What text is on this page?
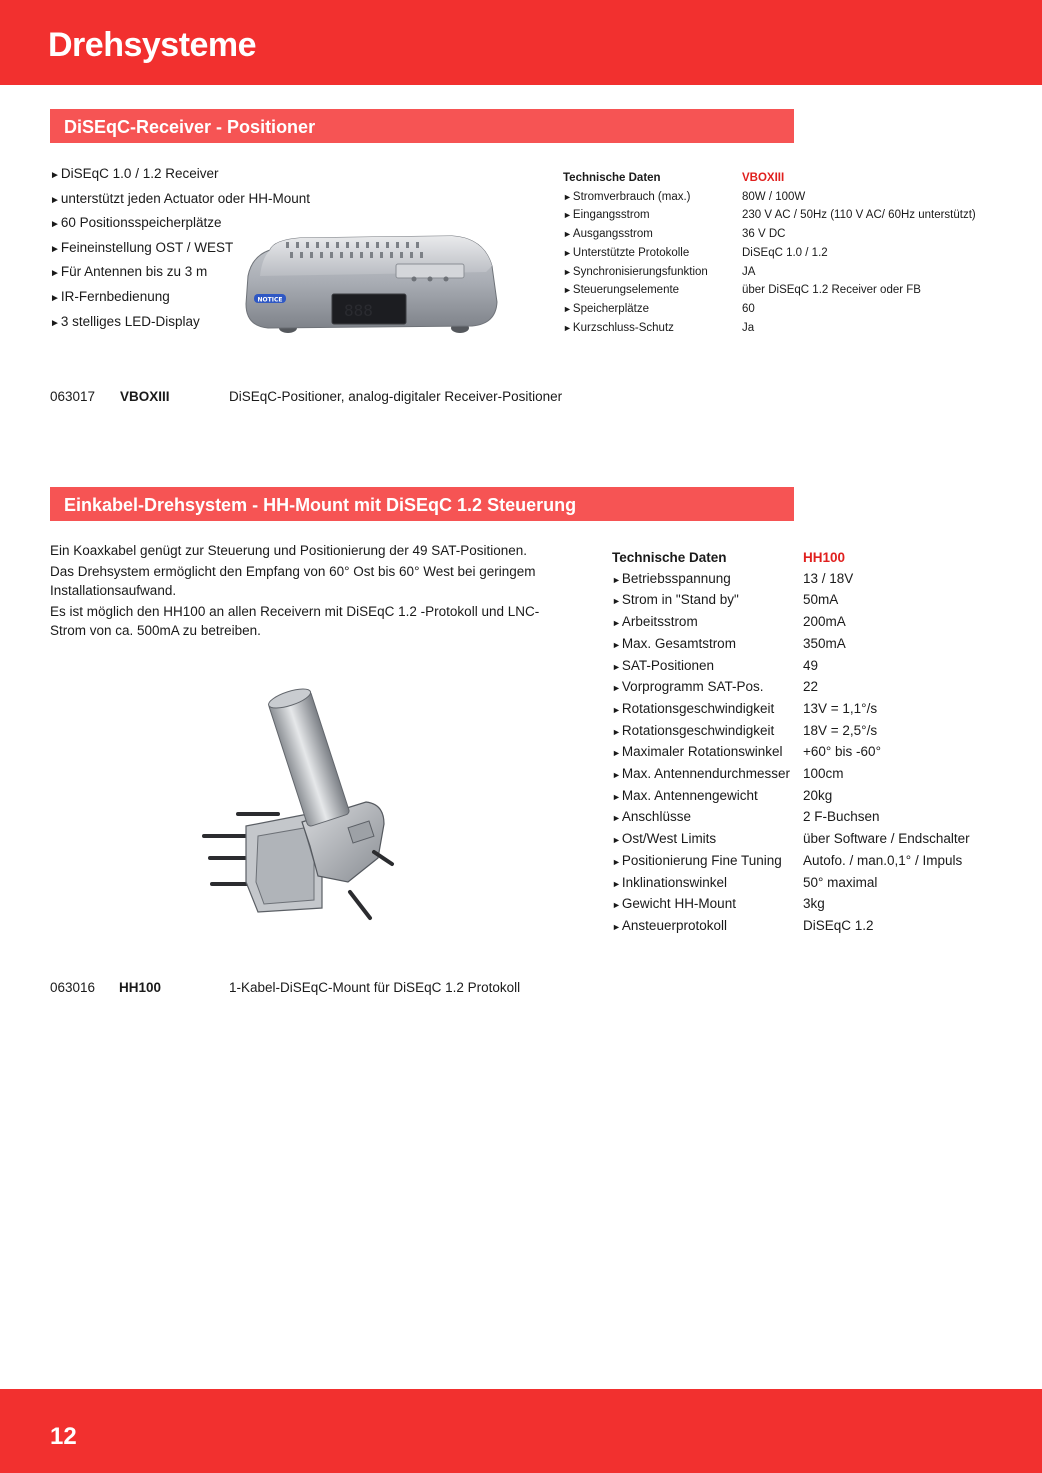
Drehsysteme
DiSEqC-Receiver - Positioner
► DiSEqC 1.0 / 1.2 Receiver
► unterstützt jeden Actuator oder HH-Mount
► 60 Positionsspeicherplätze
► Feineinstellung OST / WEST
► Für Antennen bis zu 3 m
► IR-Fernbedienung
► 3 stelliges LED-Display
888
NOTICE
Technische Daten	VBOXIII
►Stromverbrauch (max.)	80W / 100W
►Eingangsstrom	230 V AC / 50Hz (110 V AC/ 60Hz unterstützt)
►Ausgangsstrom	36 V DC
►Unterstützte Protokolle	DiSEqC 1.0 / 1.2
►Synchronisierungsfunktion	JA
►Steuerungselemente	über DiSEqC 1.2 Receiver oder FB
►Speicherplätze	60
►Kurzschluss-Schutz	Ja
063017 VBOXIII	DiSEqC-Positioner, analog-digitaler Receiver-Positioner
Einkabel-Drehsystem - HH-Mount mit DiSEqC 1.2 Steuerung

Ein Koaxkabel genügt zur Steuerung und Positionierung der 49 SAT-Positionen.

Das Drehsystem ermöglicht den Empfang von 60° Ost bis 60° West bei geringem Installationsaufwand.

Es ist möglich den HH100 an allen Receivern mit DiSEqC 1.2 -Protokoll und LNC-Strom von ca. 500mA zu betreiben.

Technische Daten	HH100
►Betriebsspannung	13 / 18V
►Strom in "Stand by"	50mA
►Arbeitsstrom	200mA
►Max. Gesamtstrom	350mA
►SAT-Positionen	49
►Vorprogramm SAT-Pos.	22
►Rotationsgeschwindigkeit	13V = 1,1°/s
►Rotationsgeschwindigkeit	18V = 2,5°/s
►Maximaler Rotationswinkel	+60° bis -60°
►Max. Antennendurchmesser	100cm
►Max. Antennengewicht	20kg
►Anschlüsse	2 F-Buchsen
►Ost/West Limits	über Software / Endschalter
►Positionierung Fine Tuning	Autofo. / man.0,1° / Impuls
►Inklinationswinkel	50° maximal
►Gewicht HH-Mount	3kg
►Ansteuerprotokoll	DiSEqC 1.2
063016 HH100	1-Kabel-DiSEqC-Mount für DiSEqC 1.2 Protokoll
12
